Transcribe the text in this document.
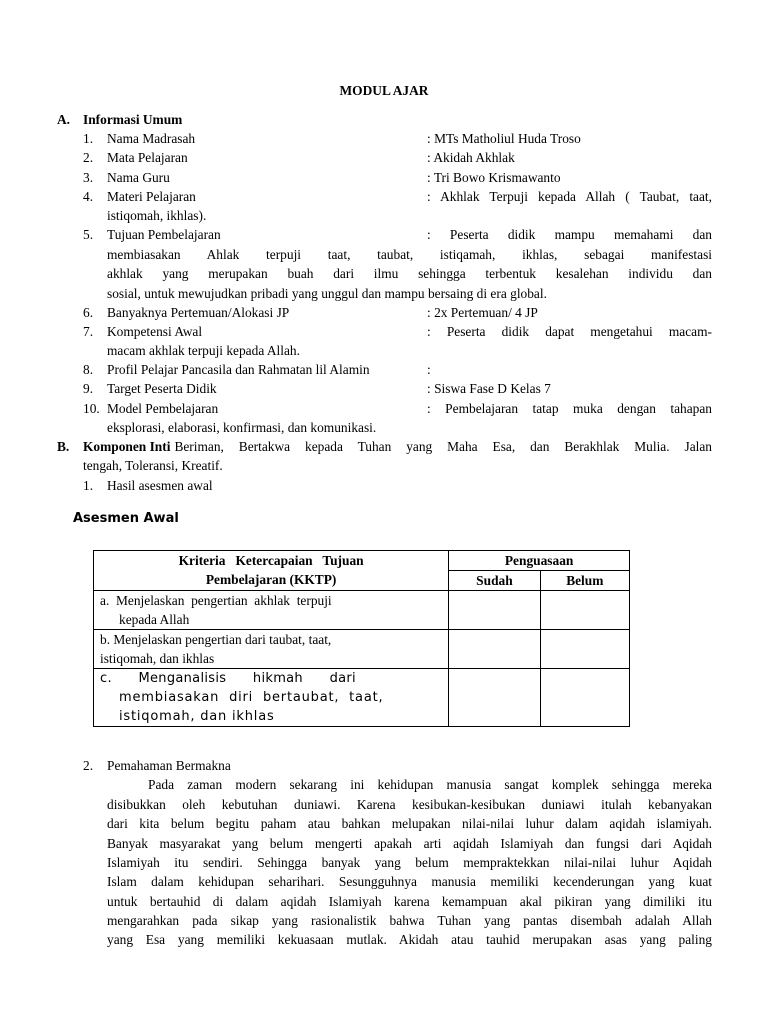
MODUL AJAR
A. Informasi Umum
1. Nama Madrasah	: MTs Matholiul Huda Troso
2. Mata Pelajaran	: Akidah Akhlak
3. Nama Guru	: Tri Bowo Krismawanto
4. Materi Pelajaran	: Akhlak Terpuji kepada Allah ( Taubat, taat,
istiqomah, ikhlas).
5. Tujuan Pembelajaran	: Peserta didik mampu memahami dan
membiasakan Ahlak terpuji taat, taubat, istiqamah, ikhlas, sebagai manifestasi
akhlak yang merupakan buah dari ilmu sehingga terbentuk kesalehan individu dan
sosial, untuk mewujudkan pribadi yang unggul dan mampu bersaing di era global.
6. Banyaknya Pertemuan/Alokasi JP	: 2x Pertemuan/ 4 JP
7. Kompetensi Awal	: Peserta didik dapat mengetahui macam-
macam akhlak terpuji kepada Allah.
8. Profil Pelajar Pancasila dan Rahmatan lil Alamin	:
9. Target Peserta Didik	: Siswa Fase D Kelas 7
10. Model Pembelajaran	: Pembelajaran tatap muka dengan tahapan
eksplorasi, elaborasi, konfirmasi, dan komunikasi.
B. Komponen Inti Beriman, Bertakwa kepada Tuhan yang Maha Esa, dan Berakhlak Mulia. Jalan
tengah, Toleransi, Kreatif.
1. Hasil asesmen awal
Asesmen Awal
Kriteria   Ketercapaian   Tujuan
Pembelajaran (KKTP)	Penguasaan	
	Sudah	Belum

a.  Menjelaskan  pengertian  akhlak  terpuji
kepada Allah		

b. Menjelaskan pengertian dari taubat, taat,
istiqomah, dan ikhlas		

c.      Menganalisis      hikmah      dari
membiasakan  diri  bertaubat,  taat,
istiqomah, dan ikhlas		

2. Pemahaman Bermakna
Pada zaman modern sekarang ini kehidupan manusia sangat komplek sehingga mereka
disibukkan oleh kebutuhan duniawi. Karena kesibukan-kesibukan duniawi itulah kebanyakan
dari kita belum begitu paham atau bahkan melupakan nilai-nilai luhur dalam aqidah islamiyah.
Banyak masyarakat yang belum mengerti apakah arti aqidah Islamiyah dan fungsi dari Aqidah
Islamiyah itu sendiri. Sehingga banyak yang belum mempraktekkan nilai-nilai luhur Aqidah
Islam dalam kehidupan seharihari. Sesungguhnya manusia memiliki kecenderungan yang kuat
untuk bertauhid di dalam aqidah Islamiyah karena kemampuan akal pikiran yang dimiliki itu
mengarahkan pada sikap yang rasionalistik bahwa Tuhan yang pantas disembah adalah Allah
yang Esa yang memiliki kekuasaan mutlak. Akidah atau tauhid merupakan asas yang paling
